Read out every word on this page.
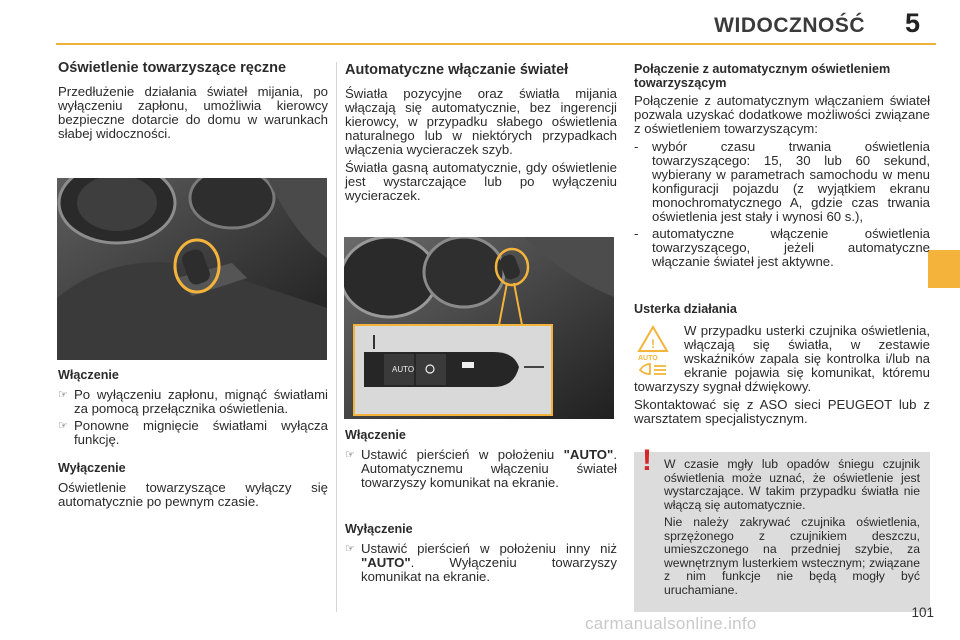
WIDOCZNOŚĆ 5
Oświetlenie towarzyszące ręczne

Przedłużenie działania świateł mijania, po wyłączeniu zapłonu, umożliwia kierowcy bezpieczne dotarcie do domu w warunkach słabej widoczności.

Włączenie
☞ Po wyłączeniu zapłonu, mignąć światłami za pomocą przełącznika oświetlenia.
☞ Ponowne mignięcie światłami wyłącza funkcję.
Wyłączenie

Oświetlenie towarzyszące wyłączy się automatycznie po pewnym czasie.

Automatyczne włączanie świateł

Światła pozycyjne oraz światła mijania włączają się automatycznie, bez ingerencji kierowcy, w przypadku słabego oświetlenia naturalnego lub w niektórych przypadkach włączenia wycieraczek szyb.

Światła gasną automatycznie, gdy oświetlenie jest wystarczające lub po wyłączeniu wycieraczek.

AUTO
Włączenie
☞ Ustawić pierścień w położeniu "AUTO". Automatycznemu włączeniu świateł towarzyszy komunikat na ekranie.
Wyłączenie
☞ Ustawić pierścień w położeniu inny niż "AUTO". Wyłączeniu towarzyszy komunikat na ekranie.
Połączenie z automatycznym oświetleniem towarzyszącym

Połączenie z automatycznym włączaniem świateł pozwala uzyskać dodatkowe możliwości związane z oświetleniem towarzyszącym:

-	wybór czasu trwania oświetlenia towarzyszącego: 15, 30 lub 60 sekund, wybierany w parametrach samochodu w menu konfiguracji pojazdu (z wyjątkiem ekranu monochromatycznego A, gdzie czas trwania oświetlenia jest stały i wynosi 60 s.),
-	automatyczne włączenie oświetlenia towarzyszącego, jeżeli automatyczne włączanie świateł jest aktywne.
Usterka działania
!
AUTO

W przypadku usterki czujnika oświetlenia, włączają się światła, w zestawie wskaźników zapala się kontrolka i/lub na ekranie pojawia się komunikat, któremu towarzyszy sygnał dźwiękowy.

Skontaktować się z ASO sieci PEUGEOT lub z warsztatem specjalistycznym.

! W czasie mgły lub opadów śniegu czujnik oświetlenia może uznać, że oświetlenie jest wystarczające. W takim przypadku światła nie włączą się automatycznie.

Nie należy zakrywać czujnika oświetlenia, sprzężonego z czujnikiem deszczu, umieszczonego na przedniej szybie, za wewnętrznym lusterkiem wstecznym; związane z nim funkcje nie będą mogły być uruchamiane.

101
carmanualsonline.info
